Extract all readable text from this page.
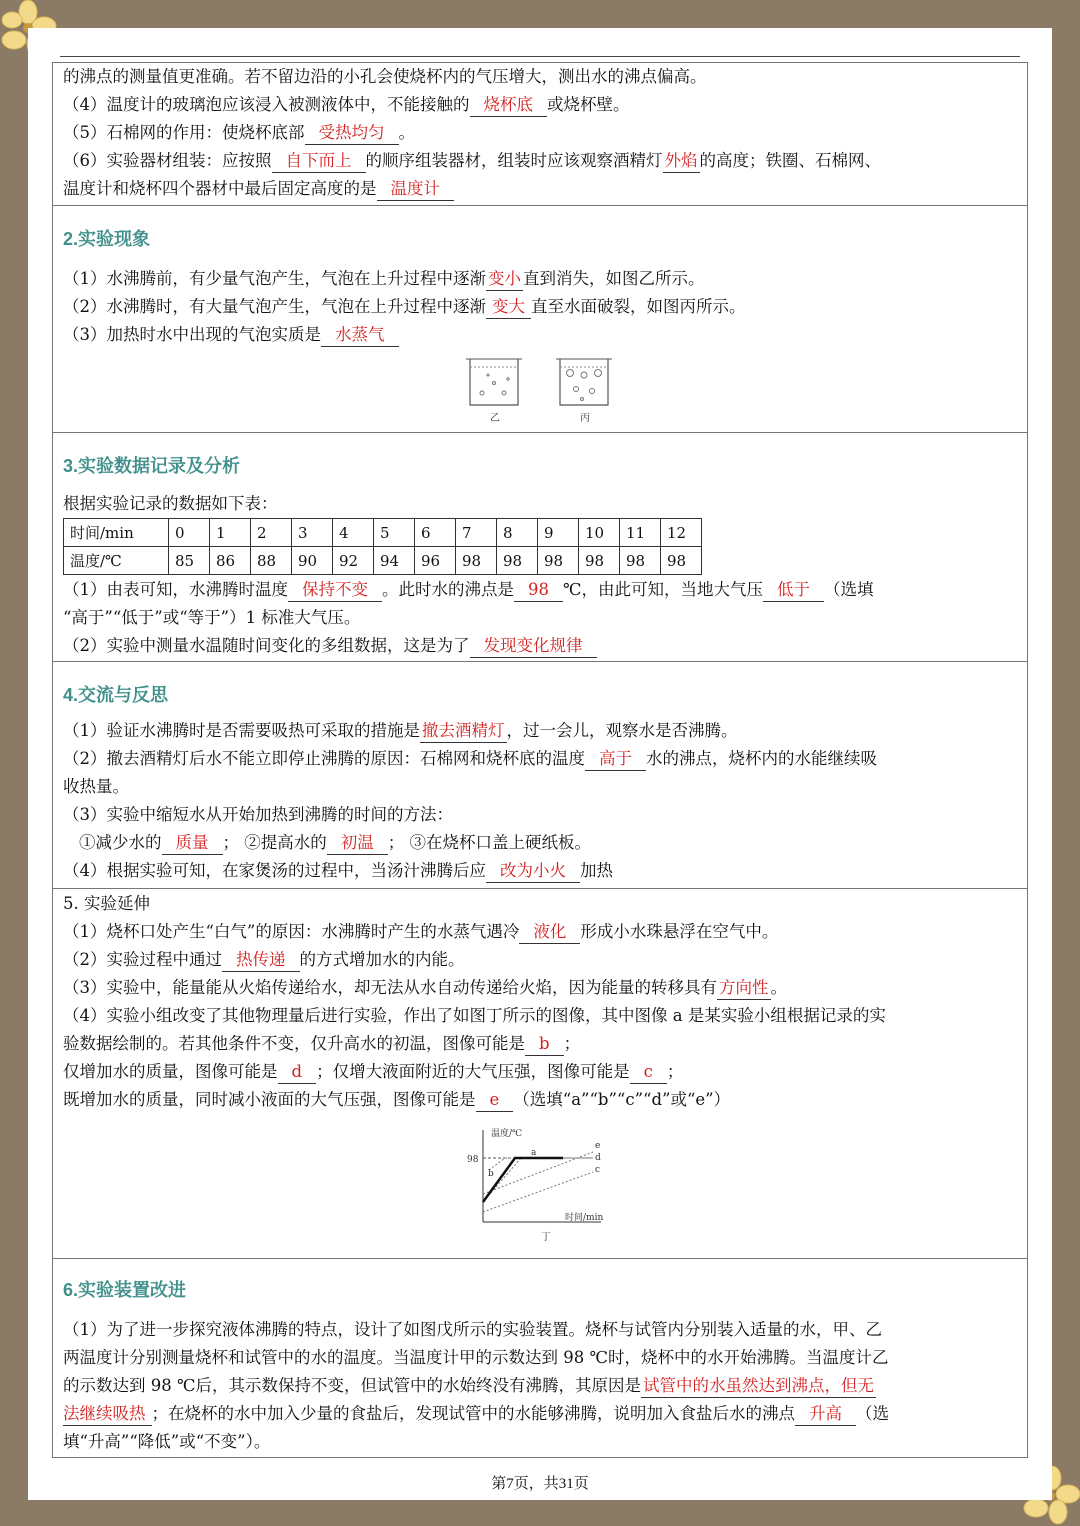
的沸点的测量值更准确。若不留边沿的小孔会使烧杯内的气压增大，测出水的沸点偏高。
（4）温度计的玻璃泡应该浸入被测液体中，不能接触的 烧杯底 或烧杯壁。
（5）石棉网的作用：使烧杯底部 受热均匀 。
（6）实验器材组装：应按照 自下而上 的顺序组装器材，组装时应该观察酒精灯 外焰 的高度；铁圈、石棉网、
温度计和烧杯四个器材中最后固定高度的是 温度计
2.实验现象
（1）水沸腾前，有少量气泡产生，气泡在上升过程中逐渐 变小 直到消失，如图乙所示。
（2）水沸腾时，有大量气泡产生，气泡在上升过程中逐渐 变大 直至水面破裂，如图丙所示。
（3）加热时水中出现的气泡实质是 水蒸气
乙	丙
3.实验数据记录及分析
根据实验记录的数据如下表：
时间/min	0	1	2	3	4	5	6	7	8	9	10	11	12
温度/℃	85	86	88	90	92	94	96	98	98	98	98	98	98
（1）由表可知，水沸腾时温度 保持不变 。此时水的沸点是 98 ℃，由此可知，当地大气压 低于 （选填
“高于”“低于”或“等于”）1 标准大气压。
（2）实验中测量水温随时间变化的多组数据，这是为了 发现变化规律
4.交流与反思
（1）验证水沸腾时是否需要吸热可采取的措施是 撤去酒精灯 ，过一会儿，观察水是否沸腾。
（2）撤去酒精灯后水不能立即停止沸腾的原因：石棉网和烧杯底的温度 高于 水的沸点，烧杯内的水能继续吸
收热量。
（3）实验中缩短水从开始加热到沸腾的时间的方法：
①减少水的 质量 ； ②提高水的 初温 ； ③在烧杯口盖上硬纸板。
（4）根据实验可知，在家煲汤的过程中，当汤汁沸腾后应 改为小火 加热
5. 实验延伸
（1）烧杯口处产生“白气”的原因：水沸腾时产生的水蒸气遇冷 液化 形成小水珠悬浮在空气中。
（2）实验过程中通过 热传递 的方式增加水的内能。
（3）实验中，能量能从火焰传递给水，却无法从水自动传递给火焰，因为能量的转移具有 方向性 。
（4）实验小组改变了其他物理量后进行实验，作出了如图丁所示的图像，其中图像 a 是某实验小组根据记录的实
验数据绘制的。若其他条件不变，仅升高水的初温，图像可能是 b ；
仅增加水的质量，图像可能是 d ；仅增大液面附近的大气压强，图像可能是 c ；
既增加水的质量，同时减小液面的大气压强，图像可能是 e （选填“a”“b”“c”“d”或“e”）
温度/℃
时间/min
98
a
b	c
d
e
丁
6.实验装置改进
（1）为了进一步探究液体沸腾的特点，设计了如图戊所示的实验装置。烧杯与试管内分别装入适量的水，甲、乙
两温度计分别测量烧杯和试管中的水的温度。当温度计甲的示数达到 98 ℃时，烧杯中的水开始沸腾。当温度计乙
的示数达到 98 ℃后，其示数保持不变，但试管中的水始终没有沸腾，其原因是 试管中的水虽然达到沸点，但无
法继续吸热 ；在烧杯的水中加入少量的食盐后，发现试管中的水能够沸腾，说明加入食盐后水的沸点 升高 （选
填“升高”“降低”或“不变”）。
第7页，共31页
